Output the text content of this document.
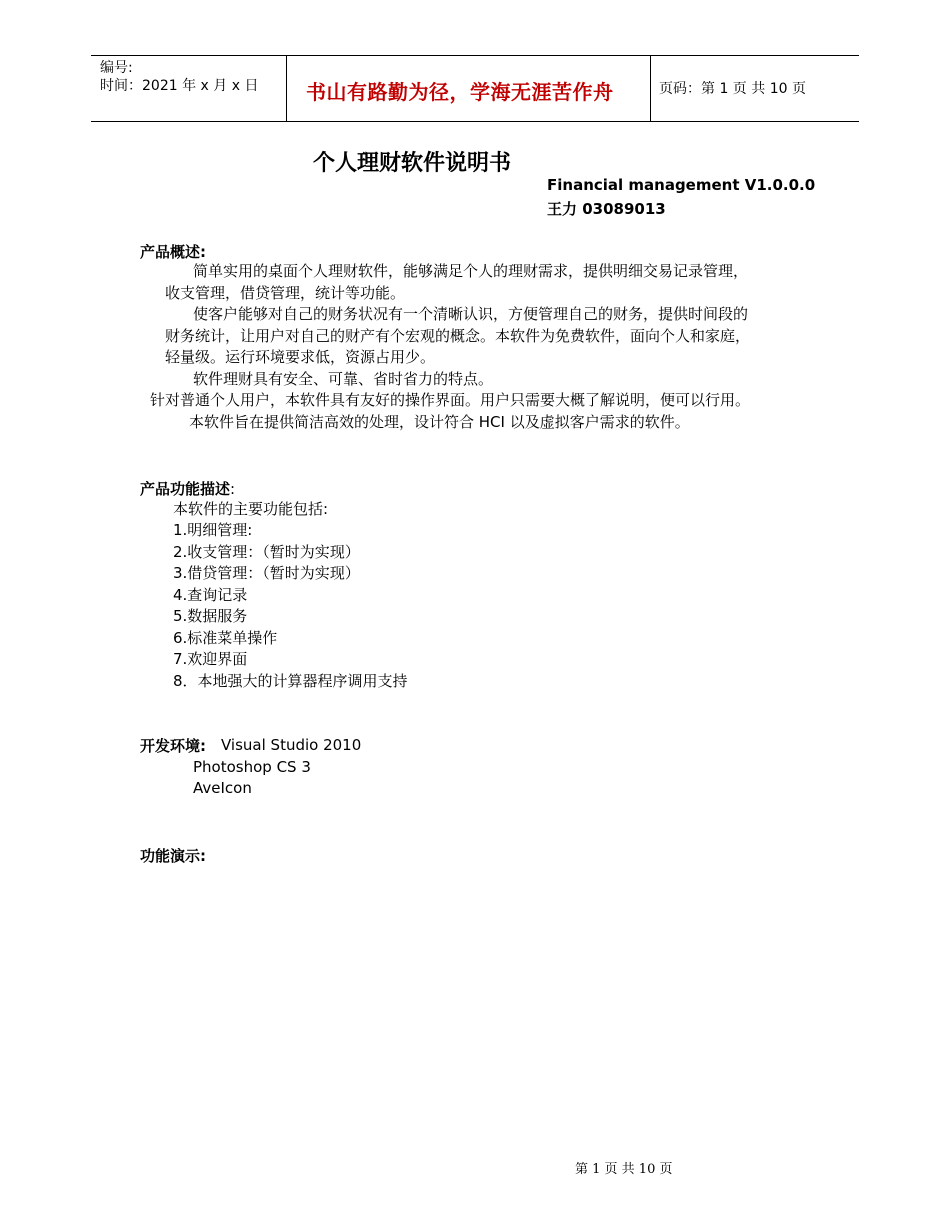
编号:
时间：2021 年 x 月 x 日 书山有路勤为径，学海无涯苦作舟	页码：第 1 页 共 10 页
个人理财软件说明书
Financial management V1.0.0.0
王力 03089013
产品概述:
简单实用的桌面个人理财软件，能够满足个人的理财需求，提供明细交易记录管理，
收支管理，借贷管理，统计等功能。
使客户能够对自己的财务状况有一个清晰认识，方便管理自己的财务，提供时间段的
财务统计，让用户对自己的财产有个宏观的概念。本软件为免费软件，面向个人和家庭，
轻量级。运行环境要求低，资源占用少。
软件理财具有安全、可靠、省时省力的特点。
针对普通个人用户，本软件具有友好的操作界面。用户只需要大概了解说明，便可以行用。
本软件旨在提供简洁高效的处理，设计符合 HCI 以及虚拟客户需求的软件。
产品功能描述:
本软件的主要功能包括:
1.明细管理:
2.收支管理：（暂时为实现）
3.借贷管理：（暂时为实现）
4.查询记录
5.数据服务
6.标准菜单操作
7.欢迎界面
8．本地强大的计算器程序调用支持
开发环境: Visual Studio 2010
Photoshop CS 3
AveIcon
功能演示:
第 1 页 共 10 页
